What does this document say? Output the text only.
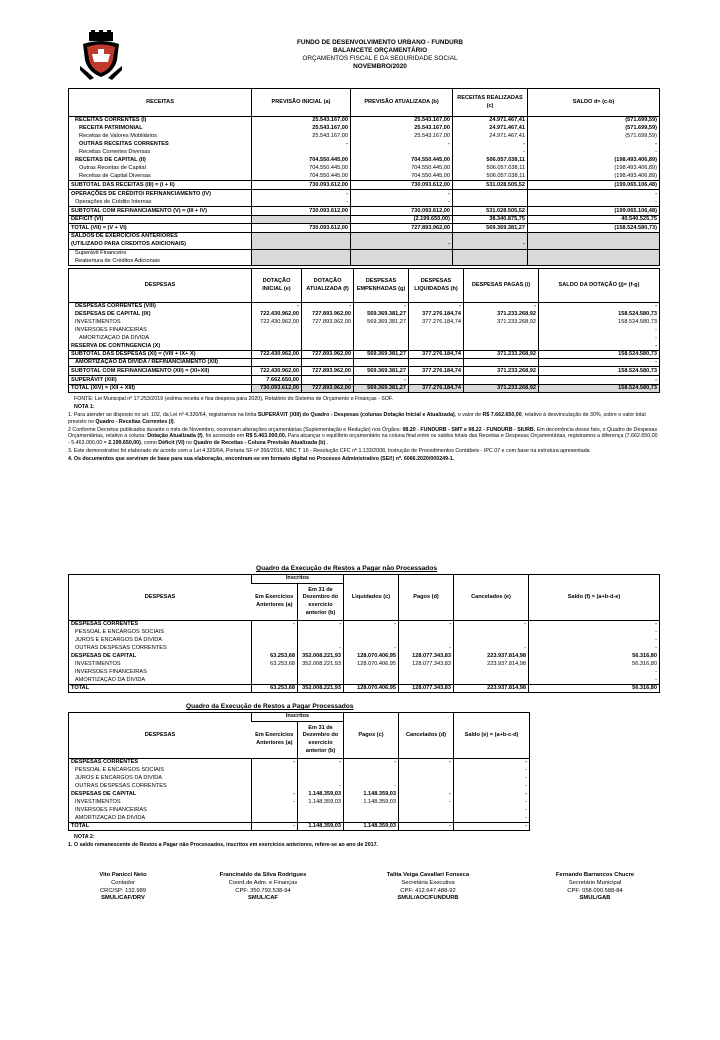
FUNDO DE DESENVOLVIMENTO URBANO - FUNDURB
BALANCETE ORÇAMENTÁRIO
ORÇAMENTOS FISCAL E DA SEGURIDADE SOCIAL
NOVEMBRO/2020
RECEITAS	PREVISÃO INICIAL (a)	PREVISÃO ATUALIZADA (b)	RECEITAS REALIZADAS (c)	SALDO d= (c-b)
RECEITAS CORRENTES (I)	25.543.167,00	25.543.167,00	24.971.467,41	(571.699,59)
RECEITA PATRIMONIAL	25.543.167,00	25.543.167,00	24.971.467,41	(571.699,59)
Receitas de Valores Mobiliários	25.543.167,00	25.543.167,00	24.971.467,41	(571.699,59)
OUTRAS RECEITAS CORRENTES	-	-	-	-
Receitas Correntes Diversas			-	-
RECEITAS DE CAPITAL (II)	704.550.445,00	704.550.445,00	506.057.038,11	(198.493.406,89)
Outras Receitas de Capital	704.550.445,00	704.550.445,00	506.057.038,11	(198.493.406,89)
Receitas de Capital Diversas	704.550.445,00	704.550.445,00	506.057.038,11	(198.493.406,89)
SUBTOTAL DAS RECEITAS (III) = (I + II)	730.093.612,00	730.093.612,00	531.028.505,52	(199.065.106,48)
OPERAÇÕES DE CRÉDITO/ REFINANCIAMENTO (IV)	-	-		-
Operações de Crédito Internas	-	-		-
SUBTOTAL COM REFINANCIAMENTO (V) = (III + IV)	730.093.612,00	730.093.612,00	531.028.505,52	(199.065.106,48)
DÉFICIT (VI)		(2.199.650,00)	38.340.875,75	40.540.525,75
TOTAL (VII) = (V + VI)	730.093.612,00	727.893.962,00	569.369.381,27	(158.524.580,73)
SALDOS DE EXERCÍCIOS ANTERIORES				
(UTILIZADO PARA CRÉDITOS ADICIONAIS)		-	-	
Superávit Financeiro				
Reabertura de Créditos Adicionais				
DESPESAS	DOTAÇÃO INICIAL (e)	DOTAÇÃO ATUALIZADA (f)	DESPESAS EMPENHADAS (g)	DESPESAS LIQUIDADAS (h)	DESPESAS PAGAS (i)	SALDO DA DOTAÇÃO (j)= (f-g)
DESPESAS CORRENTES (VIII)	-	-	-	-	-	-
DESPESAS DE CAPITAL (IX)	722.430.962,00	727.893.962,00	569.369.381,27	377.276.184,74	371.233.268,92	158.524.580,73
INVESTIMENTOS	722.430.962,00	727.893.962,00	569.369.381,27	377.276.184,74	371.233.268,92	158.524.580,73
INVERSÕES FINANCEIRAS						-
AMORTIZAÇÃO DA DÍVIDA						-
RESERVA DE CONTINGÊNCIA (X)						-
SUBTOTAL DAS DESPESAS (XI) = (VIII + IX+ X)	722.430.962,00	727.893.962,00	569.369.381,27	377.276.184,74	371.233.268,92	158.524.580,73
AMORTIZAÇÃO DA DÍVIDA / REFINANCIAMENTO (XII)						-
SUBTOTAL COM REFINANCIAMENTO (XII) = (XI+XII)	722.430.962,00	727.893.962,00	569.369.381,27	377.276.184,74	371.233.268,92	158.524.580,73
SUPERÁVIT (XIII)	7.662.650,00	-	-			-
TOTAL (XIV) = (XII + XIII)	730.093.612,00	727.893.962,00	569.369.381,27	377.276.184,74	371.233.268,92	158.524.580,73

FONTE: Lei Municipal nº 17.253/2019 (estima receita e fixa despesa para 2020), Relatório do Sistema de Orçamento e Finanças - SOF.

NOTA 1:

1. Para atender ao disposto no art. 102, da Lei nº 4.320/64, registramos na linha SUPERÁVIT (XIII) do Quadro - Despesas (colunas Dotação Inicial e Atualizada), o valor de R$ 7.662.650,00, relativo à desvinculação de 30%, sobre o valor total previsto no Quadro - Receitas Correntes (I).

2 Conforme Decretos publicados durante o mês de Novembro, ocorreram alterações orçamentárias (Suplementação e Redução) nos Órgãos: 98.20 - FUNDURB - SMT e 98.22 - FUNDURB - SIURB. Em decorrência desse fato, o Quadro de Despesas Orçamentárias, relativo a coluna: Dotação Atualizada (f), foi acrescido em R$ 5.463.000,00. Para alcançar o equilíbrio orçamentário na coluna final entre os saldos totais das Receitas e Despesas Orçamentárias, registramos a diferença (7.662.650,00 - 5.463.000,00 = 2.199.650,00), como Déficit (VI) no Quadro de Receitas - Coluna Previsão Atualizada (b) .

3. Este demonstrativo foi elaborado de acordo com a Lei 4.320/64, Portaria SF nº 266/2016, NBC T 16 - Resolução CFC nº 1.133/2008, Instrução de Procedimentos Contábeis - IPC 07 e com base na estrutura apresentada

4. Os documentos que serviram de base para sua elaboração, encontram-se em formato digital no Processo Administrativo (SEI!) nº. 6066.2020/000249-1.

Quadro da Execução de Restos a Pagar não Processados
DESPESAS	Inscritos		Liquidados (c)	Pagos (d)	Cancelados (e)	Saldo (f) = (a+b-d-e)
	Em Exercícios Anteriores (a)	Em 31 de Dezembro do exercício anterior (b)				
DESPESAS CORRENTES	-	-	-	-	-	-
PESSOAL E ENCARGOS SOCIAIS						-
JUROS E ENCARGOS DA DÍVIDA						-
OUTRAS DESPESAS CORRENTES		-	-	-	-	-
DESPESAS DE CAPITAL	63.253,68	352.008.221,93	128.070.406,95	128.077.343,83	223.937.814,98	56.316,80
INVESTIMENTOS	63.253,68	352.008.221,93	128.070.406,95	128.077.343,83	223.937.814,98	56.316,80
INVERSÕES FINANCEIRAS						-
AMORTIZAÇÃO DA DÍVIDA						-
TOTAL	63.253,68	352.008.221,93	128.070.406,95	128.077.343,83	223.937.814,98	56.316,80
Quadro da Execução de Restos a Pagar Processados
DESPESAS	Inscritos		Pagos (c)	Cancelados (d)	Saldo (e) = (a+b-c-d)
	Em Exercícios Anteriores (a)	Em 31 de Dezembro do exercício anterior (b)			
DESPESAS CORRENTES	-	-	-	-	-
PESSOAL E ENCARGOS SOCIAIS					-
JUROS E ENCARGOS DA DÍVIDA					-
OUTRAS DESPESAS CORRENTES		-	-		-
DESPESAS DE CAPITAL	-	1.148.359,03	1.148.359,03	-	-
INVESTIMENTOS	-	1.148.359,03	1.148.359,03	-	-
INVERSÕES FINANCEIRAS					-
AMORTIZAÇÃO DA DÍVIDA					-
TOTAL	-	1.148.359,03	1.148.359,03	-	-

NOTA 2:

1. O saldo remanescente de Restos a Pagar não Processados, inscritos em exercícios anteriores, refere-se ao ano de 2017.

Vito Panicci Neto
Contador
CRC/SP: 132.989
SMUL/CAF/DRV
Francinaldo da Silva Rodrigues
Coord.de Adm. e Finanças
CPF: 350.792.538-94
SMUL/CAF
Talita Veiga Cavallari Fonseca
Secretária Executiva
CPF: 412.647.488-92
SMUL/AOC/FUNDURB
Fernando Barrancos Chucre
Secretário Municipal
CPF: 058.090.588-84
SMUL/GAB
